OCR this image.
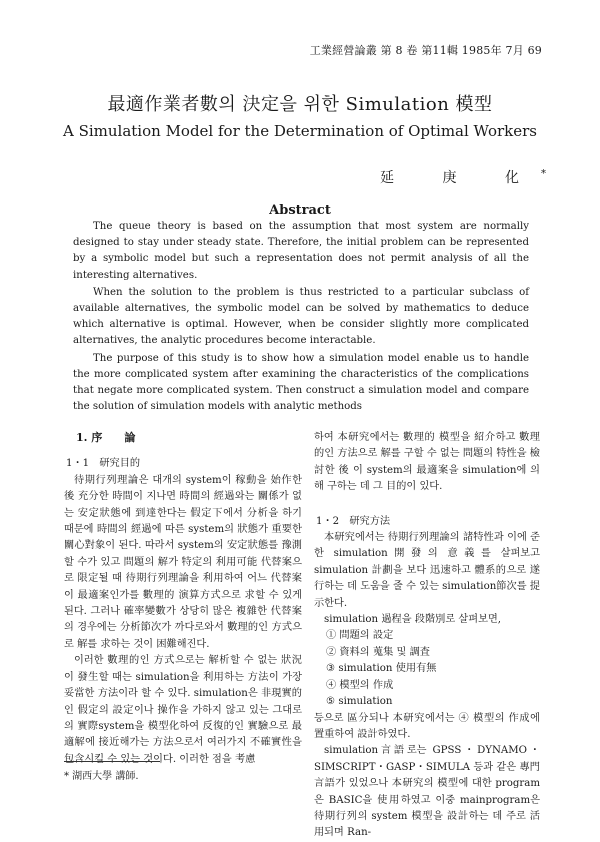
工業經營論叢 第 8 卷 第11輯 1985年 7月 69
最適作業者數의 決定을 위한 Simulation 模型
A Simulation Model for the Determination of Optimal Workers
延 庚 化*
Abstract

The queue theory is based on the assumption that most system are normally designed to stay under steady state. Therefore, the initial problem can be represented by a symbolic model but such a representation does not permit analysis of all the interesting alternatives.

When the solution to the problem is thus restricted to a particular subclass of available alternatives, the symbolic model can be solved by mathematics to deduce which alternative is optimal. However, when be consider slightly more complicated alternatives, the analytic procedures become interactable.

The purpose of this study is to show how a simulation model enable us to handle the more complicated system after examining the characteristics of the complications that negate more complicated system. Then construct a simulation model and compare the solution of simulation models with analytic methods

1. 序　　論

1・1　研究目的

待期行列理論은 대개의 system이 稼動을 始作한 後 充分한 時間이 지나면 時間의 經過와는 關係가 없는 安定狀態에 到達한다는 假定下에서 分析을 하기 때문에 時間의 經過에 따른 system의 狀態가 重要한 關心對象이 된다. 따라서 system의 安定狀態를 豫測할 수가 있고 問題의 解가 特定의 利用可能 代替案으로 限定될 때 待期行列理論을 利用하여 어느 代替案이 最適案인가를 數理的 演算方式으로 求할 수 있게 된다. 그러나 確率變數가 상당히 많은 複雜한 代替案의 경우에는 分析節次가 까다로와서 數理的인 方式으로 解를 求하는 것이 困難해진다.

이러한 數理的인 方式으로는 解析할 수 없는 狀況이 發生할 때는 simulation을 利用하는 方法이 가장 妥當한 方法이라 할 수 있다. simulation은 非現實的인 假定의 設定이나 操作을 가하지 않고 있는 그대로의 實際system을 模型化하여 反復的인 實驗으로 最適解에 接近해가는 方法으로서 여러가지 不確實性을 包含시킬 수 있는 것이다. 이러한 점을 考慮

하여 本研究에서는 數理的 模型을 紹介하고 數理的인 方法으로 解를 구할 수 없는 問題의 特性을 檢討한 後 이 system의 最適案을 simulation에 의해 구하는 데 그 目的이 있다.

1・2　研究方法

本研究에서는 待期行列理論의 諸特性과 이에 준한 simulation開發의 意義를 살펴보고 simulation 計劃을 보다 迅速하고 體系的으로 遂行하는 데 도움을 줄 수 있는 simulation節次를 提示한다.

simulation 過程을 段階別로 살펴보면,

① 問題의 設定

② 資料의 蒐集 및 調査

③ simulation 使用有無

④ 模型의 作成

⑤ simulation

등으로 區分되나 本研究에서는 ④ 模型의 作成에 置重하여 設計하였다.

simulation言語로는 GPSS・DYNAMO・SIMSCRIPT・GASP・SIMULA 등과 같은 專門言語가 있었으나 本研究의 模型에 대한 program 은 BASIC을 使用하였고 이중 mainprogram은 待期行列의 system 模型을 設計하는 데 주로 活用되며 Ran-

* 湖西大學 講師.
